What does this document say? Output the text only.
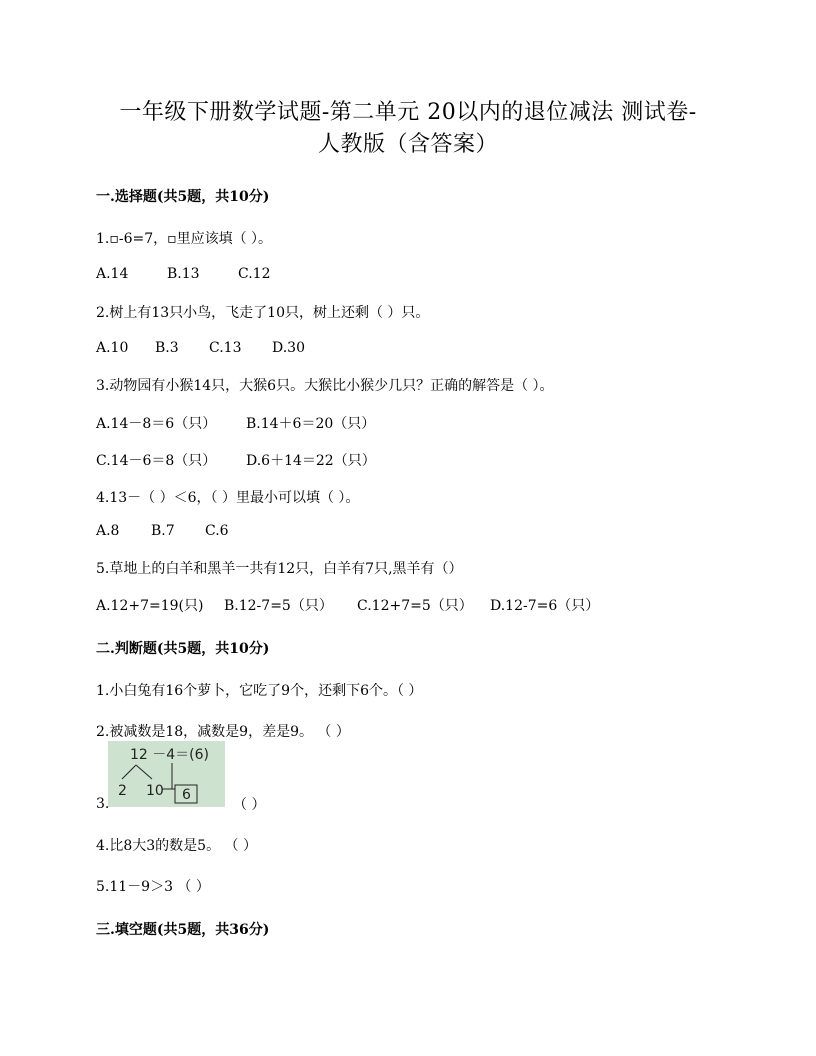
一年级下册数学试题-第二单元 20以内的退位减法 测试卷-
人教版（含答案）
一.选择题(共5题，共10分)
1.▫-6=7，▫里应该填（ ）。
A.14	B.13	C.12
2.树上有13只小鸟，飞走了10只，树上还剩（ ）只。
A.10 B.3 C.13 D.30
3.动物园有小猴14只，大猴6只。大猴比小猴少几只？正确的解答是（ ）。
A.14－8＝6（只） B.14＋6＝20（只）
C.14－6＝8（只） D.6＋14＝22（只）
4.13－（ ）＜6，（ ）里最小可以填（ ）。
A.8 B.7 C.6
5.草地上的白羊和黑羊一共有12只，白羊有7只,黑羊有（）
A.12+7=19(只) B.12-7=5（只） C.12+7=5（只） D.12-7=6（只）
二.判断题(共5题，共10分)
1.小白兔有16个萝卜，它吃了9个，还剩下6个。（ ）
2.被减数是18，减数是9，差是9。 （ ）
12 －4＝(6)
2 10 6
3.	（ ）
4.比8大3的数是5。 （ ）
5.11－9＞3 （ ）
三.填空题(共5题，共36分)
